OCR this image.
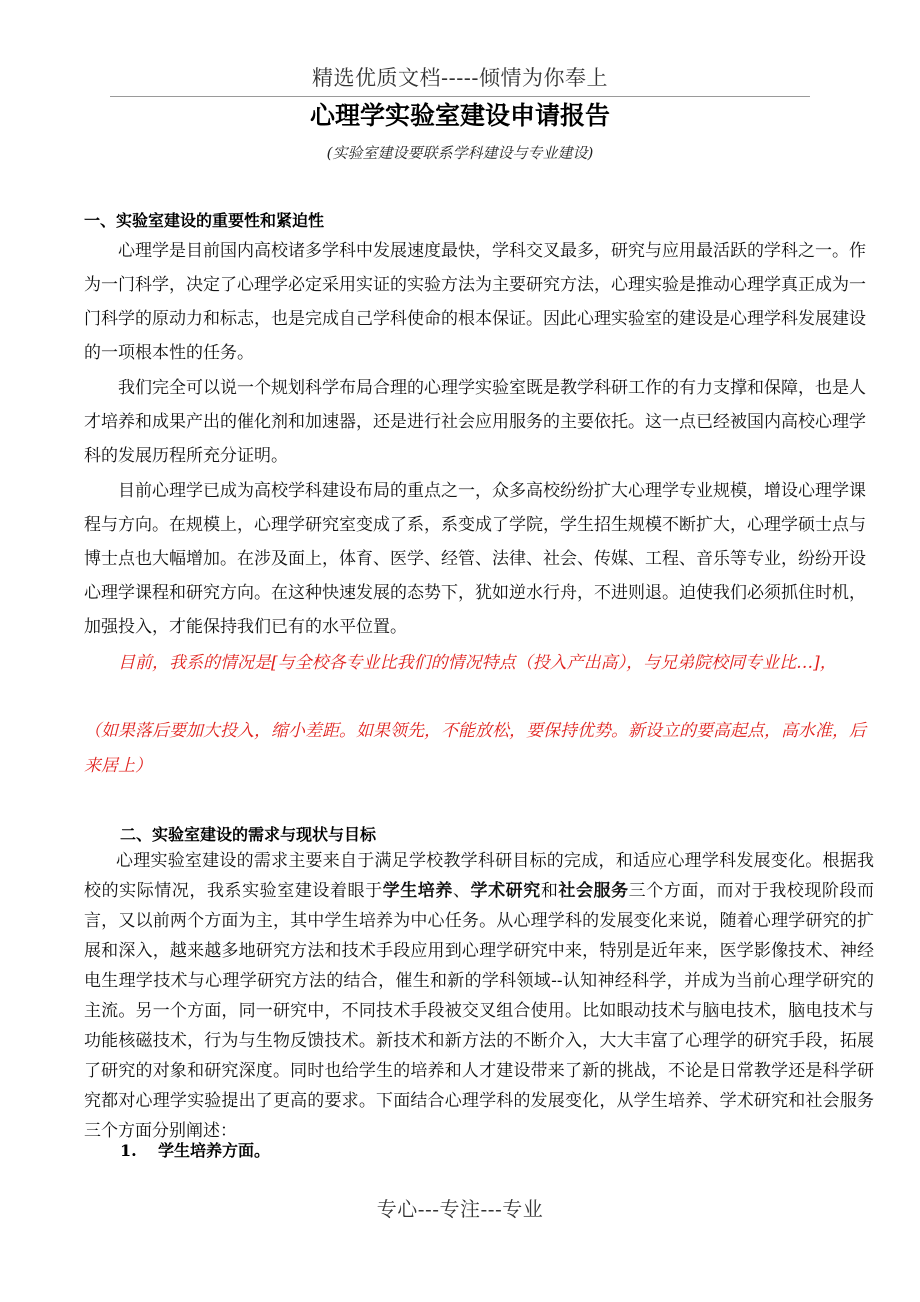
精选优质文档-----倾情为你奉上
心理学实验室建设申请报告
(实验室建设要联系学科建设与专业建设)
一、实验室建设的重要性和紧迫性
心理学是目前国内高校诸多学科中发展速度最快，学科交叉最多，研究与应用最活跃的学科之一。作为一门科学，决定了心理学必定采用实证的实验方法为主要研究方法，心理实验是推动心理学真正成为一门科学的原动力和标志，也是完成自己学科使命的根本保证。因此心理实验室的建设是心理学科发展建设的一项根本性的任务。
我们完全可以说一个规划科学布局合理的心理学实验室既是教学科研工作的有力支撑和保障，也是人才培养和成果产出的催化剂和加速器，还是进行社会应用服务的主要依托。这一点已经被国内高校心理学科的发展历程所充分证明。
目前心理学已成为高校学科建设布局的重点之一，众多高校纷纷扩大心理学专业规模，增设心理学课程与方向。在规模上，心理学研究室变成了系，系变成了学院，学生招生规模不断扩大，心理学硕士点与博士点也大幅增加。在涉及面上，体育、医学、经管、法律、社会、传媒、工程、音乐等专业，纷纷开设心理学课程和研究方向。在这种快速发展的态势下，犹如逆水行舟，不进则退。迫使我们必须抓住时机，加强投入，才能保持我们已有的水平位置。
目前，我系的情况是[与全校各专业比我们的情况特点（投入产出高），与兄弟院校同专业比…]，
（如果落后要加大投入，缩小差距。如果领先，不能放松，要保持优势。新设立的要高起点，高水准，后来居上）
二、实验室建设的需求与现状与目标
心理实验室建设的需求主要来自于满足学校教学科研目标的完成，和适应心理学科发展变化。根据我校的实际情况，我系实验室建设着眼于学生培养、学术研究和社会服务三个方面，而对于我校现阶段而言，又以前两个方面为主，其中学生培养为中心任务。从心理学科的发展变化来说，随着心理学研究的扩展和深入，越来越多地研究方法和技术手段应用到心理学研究中来，特别是近年来，医学影像技术、神经电生理学技术与心理学研究方法的结合，催生和新的学科领域--认知神经科学，并成为当前心理学研究的主流。另一个方面，同一研究中，不同技术手段被交叉组合使用。比如眼动技术与脑电技术，脑电技术与功能核磁技术，行为与生物反馈技术。新技术和新方法的不断介入，大大丰富了心理学的研究手段，拓展了研究的对象和研究深度。同时也给学生的培养和人才建设带来了新的挑战，不论是日常教学还是科学研究都对心理学实验提出了更高的要求。下面结合心理学科的发展变化，从学生培养、学术研究和社会服务三个方面分别阐述：
1. 学生培养方面。
专心---专注---专业
